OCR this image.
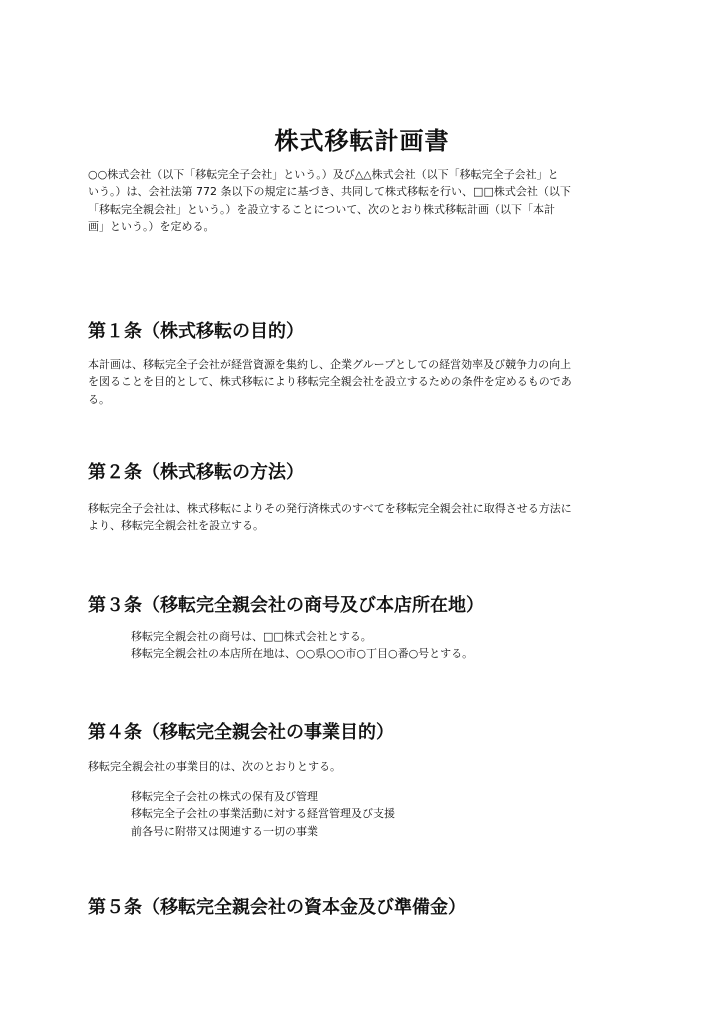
株式移転計画書
○○株式会社（以下「移転完全子会社」という。）及び△△株式会社（以下「移転完全子会社」と
いう。）は、会社法第 772 条以下の規定に基づき、共同して株式移転を行い、□□株式会社（以下
「移転完全親会社」という。）を設立することについて、次のとおり株式移転計画（以下「本計
画」という。）を定める。
第１条（株式移転の目的）
本計画は、移転完全子会社が経営資源を集約し、企業グループとしての経営効率及び競争力の向上
を図ることを目的として、株式移転により移転完全親会社を設立するための条件を定めるものであ
る。
第２条（株式移転の方法）
移転完全子会社は、株式移転によりその発行済株式のすべてを移転完全親会社に取得させる方法に
より、移転完全親会社を設立する。
第３条（移転完全親会社の商号及び本店所在地）
移転完全親会社の商号は、□□株式会社とする。
移転完全親会社の本店所在地は、○○県○○市○丁目○番○号とする。
第４条（移転完全親会社の事業目的）
移転完全親会社の事業目的は、次のとおりとする。
移転完全子会社の株式の保有及び管理
移転完全子会社の事業活動に対する経営管理及び支援
前各号に附帯又は関連する一切の事業
第５条（移転完全親会社の資本金及び準備金）
